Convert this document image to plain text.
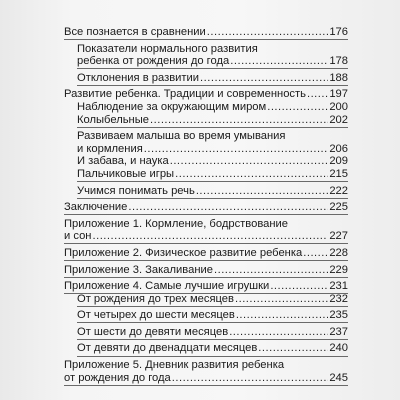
Все познается в сравнении .....	176
Показатели нормального развития
ребенка от рождения до года .....	178
Отклонения в развитии .....	188
Развитие ребенка. Традиции и современность ..... 197
Наблюдение за окружающим миром .....	200
Колыбельные .....	202
Развиваем малыша во время умывания
и кормления .....	206
И забава, и наука .....	209
Пальчиковые игры .....	215
Учимся понимать речь .....	222
Заключение .....	225
Приложение 1. Кормление, бодрствование
и сон .....	227
Приложение 2. Физическое развитие ребенка ..... 228
Приложение 3. Закаливание .....	229
Приложение 4. Самые лучшие игрушки .....	231
От рождения до трех месяцев .....	232
От четырех до шести месяцев .....	235
От шести до девяти месяцев .....	237
От девяти до двенадцати месяцев .....	240
Приложение 5. Дневник развития ребенка
от рождения до года .....	245
